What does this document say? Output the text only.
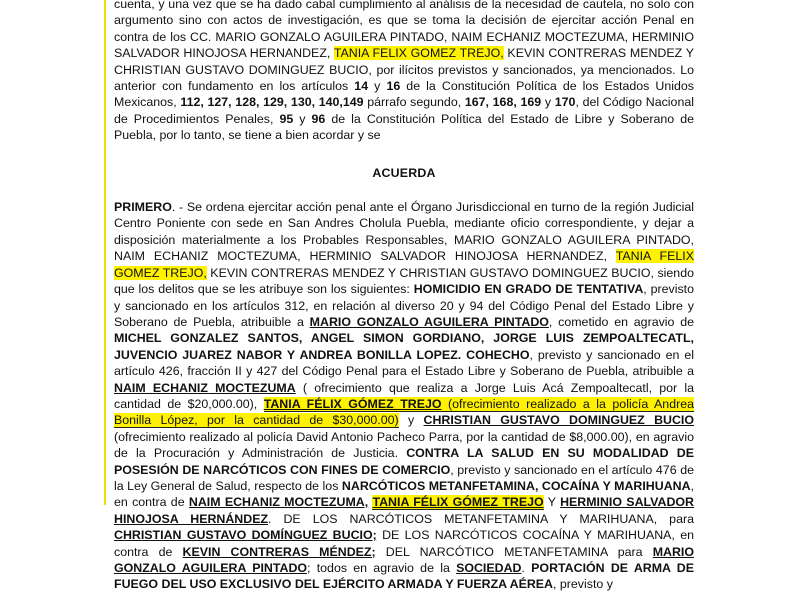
cuenta, y una vez que se ha dado cabal cumplimiento al análisis de la necesidad de cautela, no solo con argumento sino con actos de investigación, es que se toma la decisión de ejercitar acción Penal en contra de los CC. MARIO GONZALO AGUILERA PINTADO, NAIM ECHANIZ MOCTEZUMA, HERMINIO SALVADOR HINOJOSA HERNANDEZ, TANIA FELIX GOMEZ TREJO, KEVIN CONTRERAS MENDEZ Y CHRISTIAN GUSTAVO DOMINGUEZ BUCIO, por ilícitos previstos y sancionados, ya mencionados. Lo anterior con fundamento en los artículos 14 y 16 de la Constitución Política de los Estados Unidos Mexicanos, 112, 127, 128, 129, 130, 140,149 párrafo segundo, 167, 168, 169 y 170, del Código Nacional de Procedimientos Penales, 95 y 96 de la Constitución Política del Estado de Libre y Soberano de Puebla, por lo tanto, se tiene a bien acordar y se

ACUERDA

PRIMERO. - Se ordena ejercitar acción penal ante el Órgano Jurisdiccional en turno de la región Judicial Centro Poniente con sede en San Andres Cholula Puebla, mediante oficio correspondiente, y dejar a disposición materialmente a los Probables Responsables, MARIO GONZALO AGUILERA PINTADO, NAIM ECHANIZ MOCTEZUMA, HERMINIO SALVADOR HINOJOSA HERNANDEZ, TANIA FELIX GOMEZ TREJO, KEVIN CONTRERAS MENDEZ Y CHRISTIAN GUSTAVO DOMINGUEZ BUCIO, siendo que los delitos que se les atribuye son los siguientes: HOMICIDIO EN GRADO DE TENTATIVA, previsto y sancionado en los artículos 312, en relación al diverso 20 y 94 del Código Penal del Estado Libre y Soberano de Puebla, atribuible a MARIO GONZALO AGUILERA PINTADO, cometido en agravio de MICHEL GONZALEZ SANTOS, ANGEL SIMON GORDIANO, JORGE LUIS ZEMPOALTECATL, JUVENCIO JUAREZ NABOR Y ANDREA BONILLA LOPEZ. COHECHO, previsto y sancionado en el artículo 426, fracción II y 427 del Código Penal para el Estado Libre y Soberano de Puebla, atribuible a NAIM ECHANIZ MOCTEZUMA ( ofrecimiento que realiza a Jorge Luis Acá Zempoaltecatl, por la cantidad de $20,000.00), TANIA FÉLIX GÓMEZ TREJO (ofrecimiento realizado a la policía Andrea Bonilla López, por la cantidad de $30,000.00) y CHRISTIAN GUSTAVO DOMINGUEZ BUCIO (ofrecimiento realizado al policía David Antonio Pacheco Parra, por la cantidad de $8,000.00), en agravio de la Procuración y Administración de Justicia. CONTRA LA SALUD EN SU MODALIDAD DE POSESIÓN DE NARCÓTICOS CON FINES DE COMERCIO, previsto y sancionado en el artículo 476 de la Ley General de Salud, respecto de los NARCÓTICOS METANFETAMINA, COCAÍNA Y MARIHUANA, en contra de NAIM ECHANIZ MOCTEZUMA, TANIA FÉLIX GÓMEZ TREJO Y HERMINIO SALVADOR HINOJOSA HERNÁNDEZ. DE LOS NARCÓTICOS METANFETAMINA Y MARIHUANA, para CHRISTIAN GUSTAVO DOMÍNGUEZ BUCIO; DE LOS NARCÓTICOS COCAÍNA Y MARIHUANA, en contra de KEVIN CONTRERAS MÉNDEZ; DEL NARCÓTICO METANFETAMINA para MARIO GONZALO AGUILERA PINTADO; todos en agravio de la SOCIEDAD. PORTACIÓN DE ARMA DE FUEGO DEL USO EXCLUSIVO DEL EJÉRCITO ARMADA Y FUERZA AÉREA, previsto y
